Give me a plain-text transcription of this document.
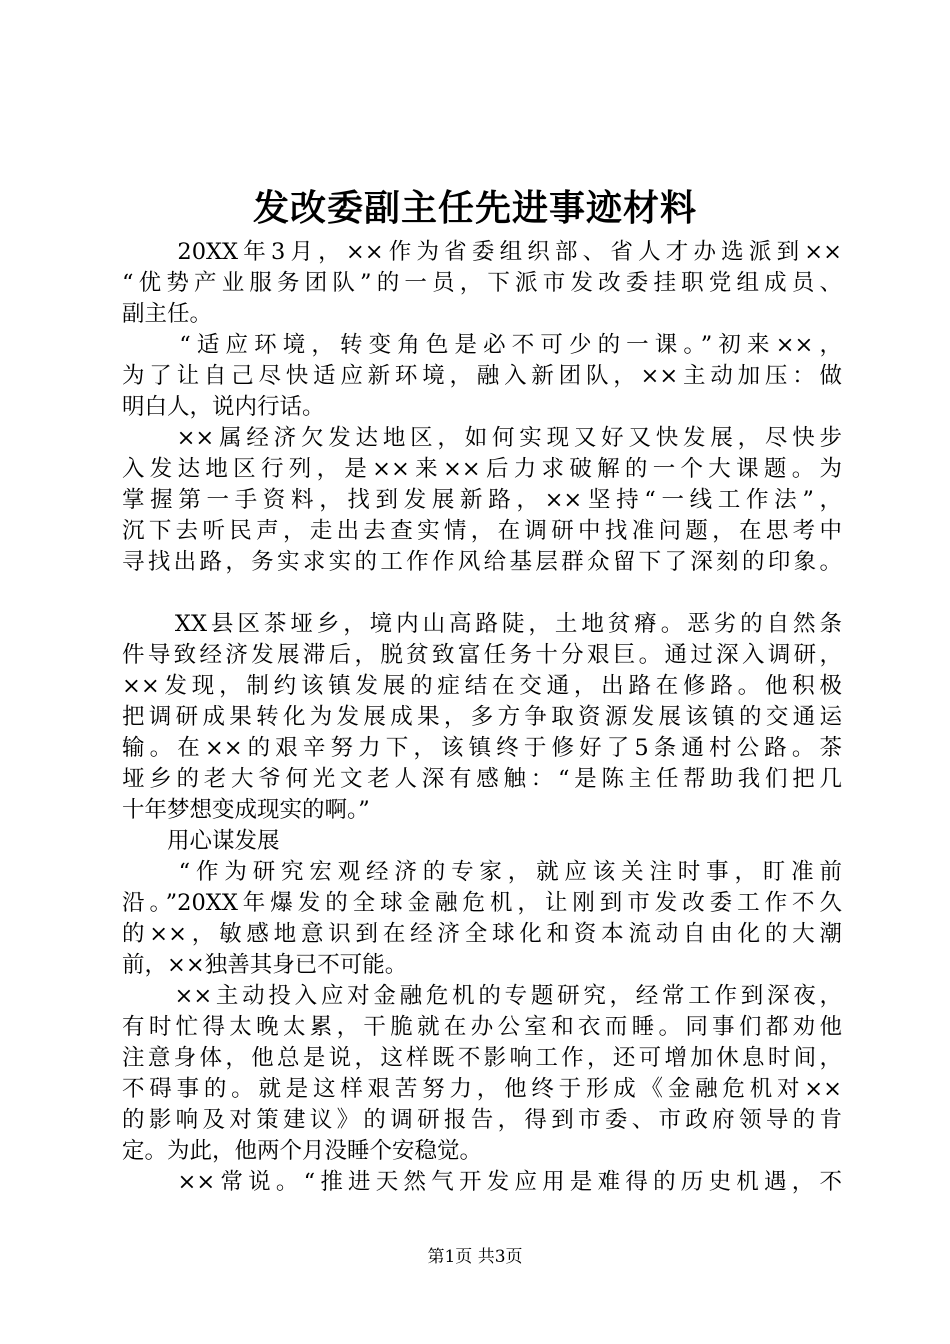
发改委副主任先进事迹材料
　　20XX年3月，××作为省委组织部、省人才办选派到××
“优势产业服务团队”的一员，下派市发改委挂职党组成员、
副主任。
　　“适应环境，转变角色是必不可少的一课。”初来××，
为了让自己尽快适应新环境，融入新团队，××主动加压：做
明白人，说内行话。
　　××属经济欠发达地区，如何实现又好又快发展，尽快步
入发达地区行列，是××来××后力求破解的一个大课题。为
掌握第一手资料，找到发展新路，××坚持“一线工作法”，
沉下去听民声，走出去查实情，在调研中找准问题，在思考中
寻找出路，务实求实的工作作风给基层群众留下了深刻的印象。
　　XX县区茶垭乡，境内山高路陡，土地贫瘠。恶劣的自然条
件导致经济发展滞后，脱贫致富任务十分艰巨。通过深入调研，
××发现，制约该镇发展的症结在交通，出路在修路。他积极
把调研成果转化为发展成果，多方争取资源发展该镇的交通运
输。在××的艰辛努力下，该镇终于修好了5条通村公路。茶
垭乡的老大爷何光文老人深有感触：“是陈主任帮助我们把几
十年梦想变成现实的啊。”
　　用心谋发展
　　“作为研究宏观经济的专家，就应该关注时事，盯准前
沿。”20XX年爆发的全球金融危机，让刚到市发改委工作不久
的××，敏感地意识到在经济全球化和资本流动自由化的大潮
前，××独善其身已不可能。
　　××主动投入应对金融危机的专题研究，经常工作到深夜，
有时忙得太晚太累，干脆就在办公室和衣而睡。同事们都劝他
注意身体，他总是说，这样既不影响工作，还可增加休息时间，
不碍事的。就是这样艰苦努力，他终于形成《金融危机对××
的影响及对策建议》的调研报告，得到市委、市政府领导的肯
定。为此，他两个月没睡个安稳觉。
　　××常说。“推进天然气开发应用是难得的历史机遇，不
第1页 共3页
